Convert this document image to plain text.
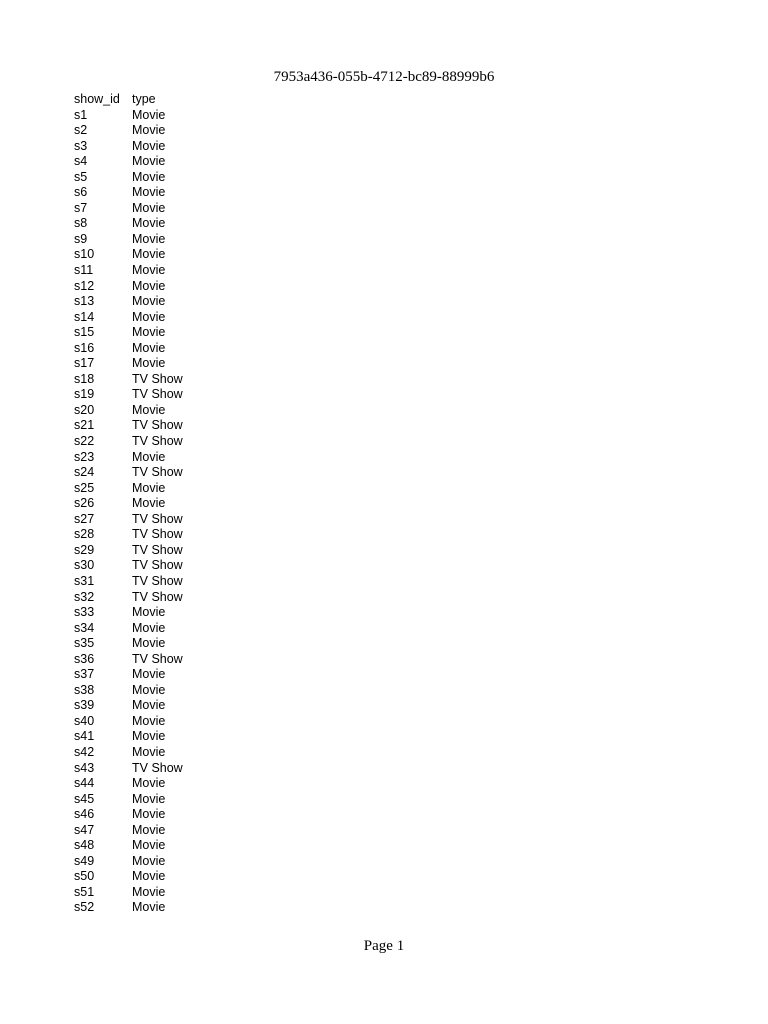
7953a436-055b-4712-bc89-88999b6
show_id type
s1	Movie
s2	Movie
s3	Movie
s4	Movie
s5	Movie
s6	Movie
s7	Movie
s8	Movie
s9	Movie
s10	Movie
s11	Movie
s12	Movie
s13	Movie
s14	Movie
s15	Movie
s16	Movie
s17	Movie
s18	TV Show
s19	TV Show
s20	Movie
s21	TV Show
s22	TV Show
s23	Movie
s24	TV Show
s25	Movie
s26	Movie
s27	TV Show
s28	TV Show
s29	TV Show
s30	TV Show
s31	TV Show
s32	TV Show
s33	Movie
s34	Movie
s35	Movie
s36	TV Show
s37	Movie
s38	Movie
s39	Movie
s40	Movie
s41	Movie
s42	Movie
s43	TV Show
s44	Movie
s45	Movie
s46	Movie
s47	Movie
s48	Movie
s49	Movie
s50	Movie
s51	Movie
s52	Movie
Page 1
